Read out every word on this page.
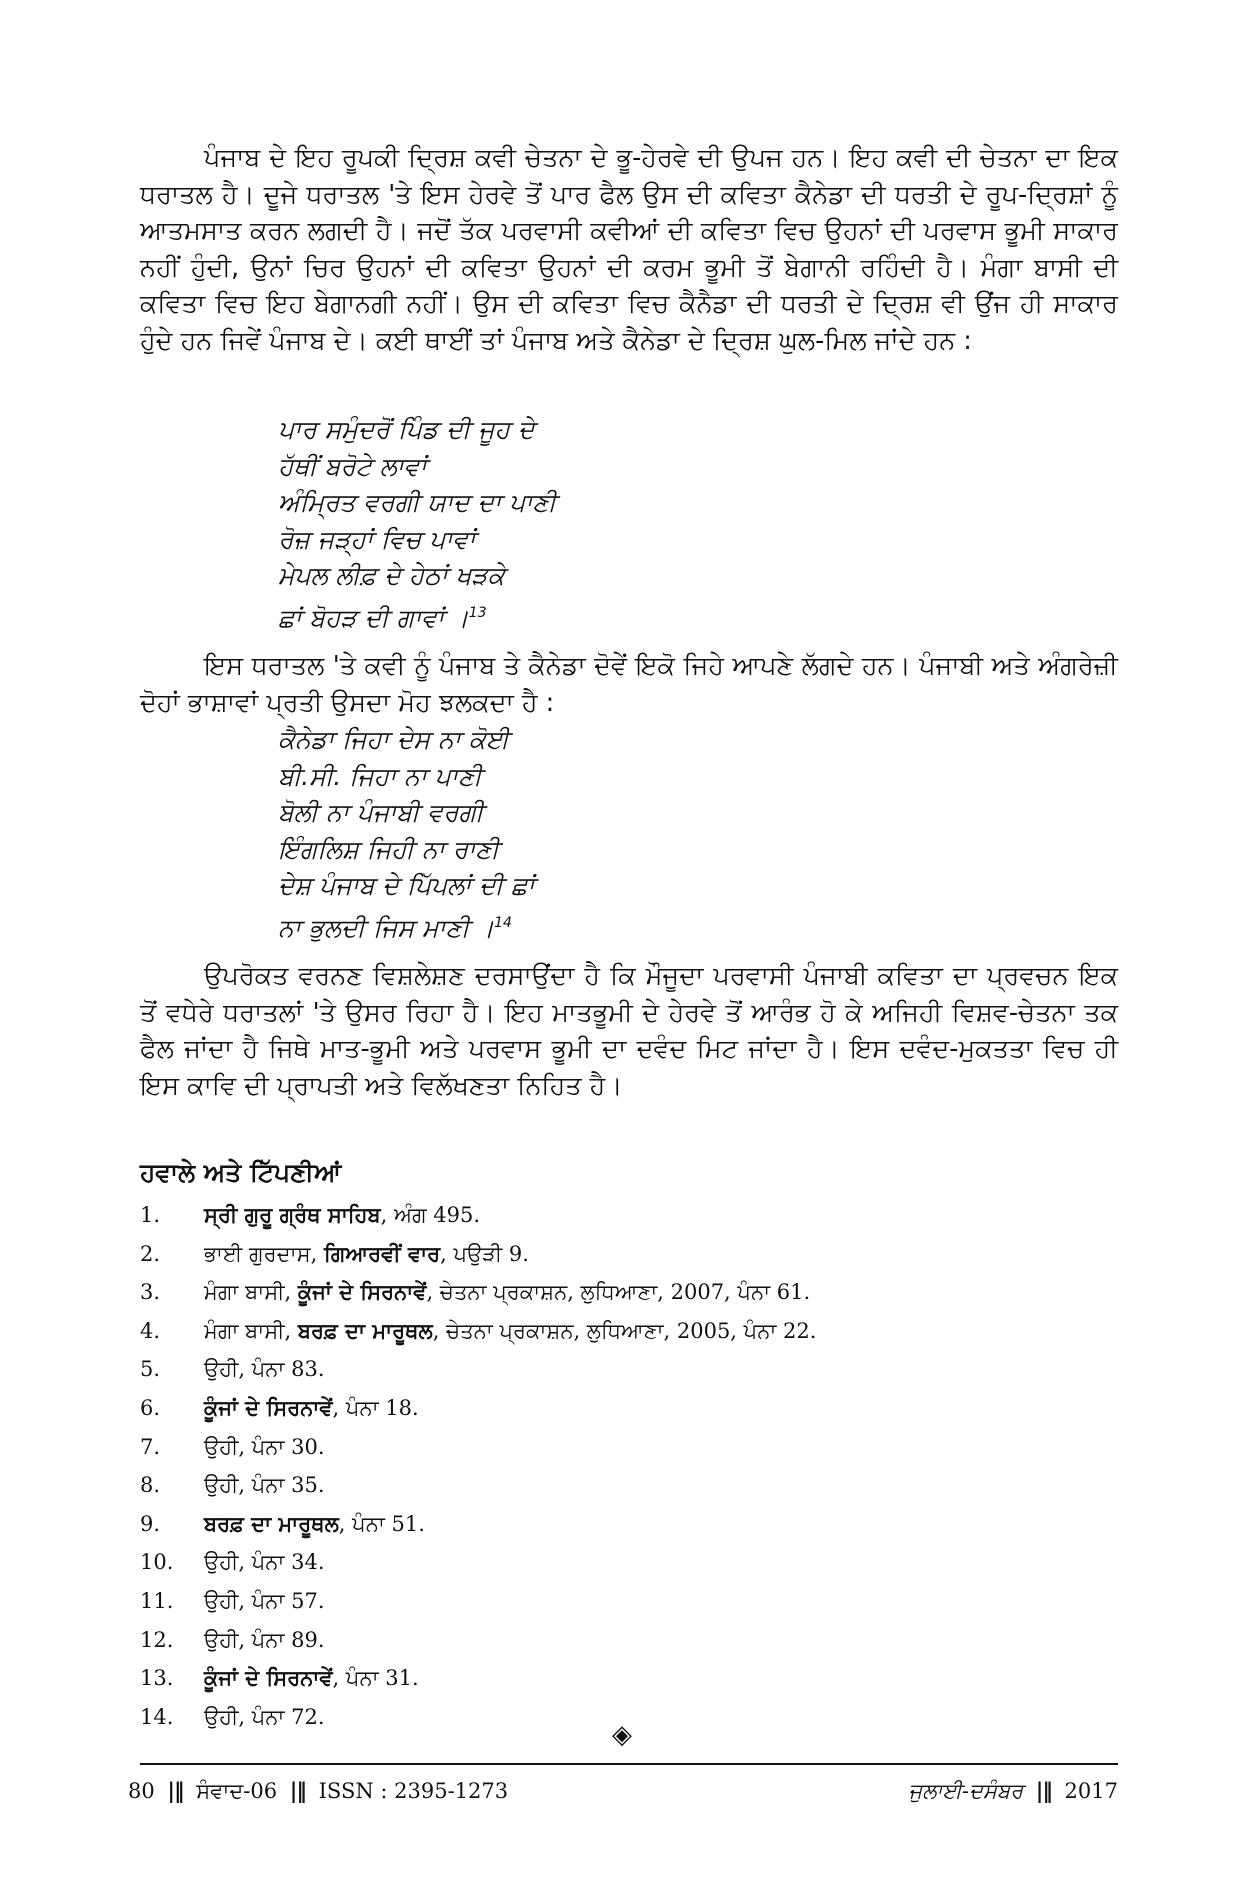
ਪੰਜਾਬ ਦੇ ਇਹ ਰੂਪਕੀ ਦ੍ਰਿਸ਼ ਕਵੀ ਚੇਤਨਾ ਦੇ ਭੂ-ਹੇਰਵੇ ਦੀ ਉਪਜ ਹਨ। ਇਹ ਕਵੀ ਦੀ ਚੇਤਨਾ ਦਾ ਇਕ ਧਰਾਤਲ ਹੈ। ਦੂਜੇ ਧਰਾਤਲ 'ਤੇ ਇਸ ਹੇਰਵੇ ਤੋਂ ਪਾਰ ਫੈਲ ਉਸ ਦੀ ਕਵਿਤਾ ਕੈਨੇਡਾ ਦੀ ਧਰਤੀ ਦੇ ਰੂਪ-ਦ੍ਰਿਸ਼ਾਂ ਨੂੰ ਆਤਮਸਾਤ ਕਰਨ ਲਗਦੀ ਹੈ। ਜਦੋਂ ਤੱਕ ਪਰਵਾਸੀ ਕਵੀਆਂ ਦੀ ਕਵਿਤਾ ਵਿਚ ਉਹਨਾਂ ਦੀ ਪਰਵਾਸ ਭੂਮੀ ਸਾਕਾਰ ਨਹੀਂ ਹੁੰਦੀ, ਉਨਾਂ ਚਿਰ ਉਹਨਾਂ ਦੀ ਕਵਿਤਾ ਉਹਨਾਂ ਦੀ ਕਰਮ ਭੂਮੀ ਤੋਂ ਬੇਗਾਨੀ ਰਹਿੰਦੀ ਹੈ। ਮੰਗਾ ਬਾਸੀ ਦੀ ਕਵਿਤਾ ਵਿਚ ਇਹ ਬੇਗਾਨਗੀ ਨਹੀਂ। ਉਸ ਦੀ ਕਵਿਤਾ ਵਿਚ ਕੈਨੈਡਾ ਦੀ ਧਰਤੀ ਦੇ ਦ੍ਰਿਸ਼ ਵੀ ਉਂਜ ਹੀ ਸਾਕਾਰ ਹੁੰਦੇ ਹਨ ਜਿਵੇਂ ਪੰਜਾਬ ਦੇ। ਕਈ ਥਾਈਂ ਤਾਂ ਪੰਜਾਬ ਅਤੇ ਕੈਨੇਡਾ ਦੇ ਦ੍ਰਿਸ਼ ਘੁਲ-ਮਿਲ ਜਾਂਦੇ ਹਨ :

ਪਾਰ ਸਮੁੰਦਰੋਂ ਪਿੰਡ ਦੀ ਜੂਹ ਦੇ
ਹੱਥੀਂ ਬਰੋਟੇ ਲਾਵਾਂ
ਅੰਮ੍ਰਿਤ ਵਰਗੀ ਯਾਦ ਦਾ ਪਾਣੀ
ਰੋਜ਼ ਜੜ੍ਹਾਂ ਵਿਚ ਪਾਵਾਂ
ਮੇਪਲ ਲੀਫ਼ ਦੇ ਹੇਠਾਂ ਖੜਕੇ
ਛਾਂ ਬੋਹੜ ਦੀ ਗਾਵਾਂ ।$^{13}$

ਇਸ ਧਰਾਤਲ 'ਤੇ ਕਵੀ ਨੂੰ ਪੰਜਾਬ ਤੇ ਕੈਨੇਡਾ ਦੋਵੇਂ ਇਕੋ ਜਿਹੇ ਆਪਣੇ ਲੱਗਦੇ ਹਨ। ਪੰਜਾਬੀ ਅਤੇ ਅੰਗਰੇਜ਼ੀ ਦੋਹਾਂ ਭਾਸ਼ਾਵਾਂ ਪ੍ਰਤੀ ਉਸਦਾ ਮੋਹ ਝਲਕਦਾ ਹੈ :

ਕੈਨੇਡਾ ਜਿਹਾ ਦੇਸ ਨਾ ਕੋਈ
ਬੀ.ਸੀ. ਜਿਹਾ ਨਾ ਪਾਣੀ
ਬੋਲੀ ਨਾ ਪੰਜਾਬੀ ਵਰਗੀ
ਇੰਗਲਿਸ਼ ਜਿਹੀ ਨਾ ਰਾਣੀ
ਦੇਸ਼ ਪੰਜਾਬ ਦੇ ਪਿੱਪਲਾਂ ਦੀ ਛਾਂ
ਨਾ ਭੁਲਦੀ ਜਿਸ ਮਾਣੀ ।$^{14}$

ਉਪਰੋਕਤ ਵਰਨਣ ਵਿਸ਼ਲੇਸ਼ਣ ਦਰਸਾਉਂਦਾ ਹੈ ਕਿ ਮੌਜੂਦਾ ਪਰਵਾਸੀ ਪੰਜਾਬੀ ਕਵਿਤਾ ਦਾ ਪ੍ਰਵਚਨ ਇਕ ਤੋਂ ਵਧੇਰੇ ਧਰਾਤਲਾਂ 'ਤੇ ਉਸਰ ਰਿਹਾ ਹੈ। ਇਹ ਮਾਤਭੂਮੀ ਦੇ ਹੇਰਵੇ ਤੋਂ ਆਰੰਭ ਹੋ ਕੇ ਅਜਿਹੀ ਵਿਸ਼ਵ-ਚੇਤਨਾ ਤਕ ਫੈਲ ਜਾਂਦਾ ਹੈ ਜਿਥੇ ਮਾਤ-ਭੂਮੀ ਅਤੇ ਪਰਵਾਸ ਭੂਮੀ ਦਾ ਦਵੰਦ ਮਿਟ ਜਾਂਦਾ ਹੈ। ਇਸ ਦਵੰਦ-ਮੁਕਤਤਾ ਵਿਚ ਹੀ ਇਸ ਕਾਵਿ ਦੀ ਪ੍ਰਾਪਤੀ ਅਤੇ ਵਿਲੱਖਣਤਾ ਨਿਹਿਤ ਹੈ।

ਹਵਾਲੇ ਅਤੇ ਟਿੱਪਣੀਆਂ
1. ਸ੍ਰੀ ਗੁਰੂ ਗ੍ਰੰਥ ਸਾਹਿਬ, ਅੰਗ 495.
2. ਭਾਈ ਗੁਰਦਾਸ, ਗਿਆਰਵੀਂ ਵਾਰ, ਪਉੜੀ 9.
3. ਮੰਗਾ ਬਾਸੀ, ਕੂੰਜਾਂ ਦੇ ਸਿਰਨਾਵੇਂ, ਚੇਤਨਾ ਪ੍ਰਕਾਸ਼ਨ, ਲੁਧਿਆਣਾ, 2007, ਪੰਨਾ 61.
4. ਮੰਗਾ ਬਾਸੀ, ਬਰਫ਼ ਦਾ ਮਾਰੂਥਲ, ਚੇਤਨਾ ਪ੍ਰਕਾਸ਼ਨ, ਲੁਧਿਆਣਾ, 2005, ਪੰਨਾ 22.
5. ਉਹੀ, ਪੰਨਾ 83.
6. ਕੂੰਜਾਂ ਦੇ ਸਿਰਨਾਵੇਂ, ਪੰਨਾ 18.
7. ਉਹੀ, ਪੰਨਾ 30.
8. ਉਹੀ, ਪੰਨਾ 35.
9. ਬਰਫ਼ ਦਾ ਮਾਰੂਥਲ, ਪੰਨਾ 51.
10. ਉਹੀ, ਪੰਨਾ 34.
11. ਉਹੀ, ਪੰਨਾ 57.
12. ਉਹੀ, ਪੰਨਾ 89.
13. ਕੂੰਜਾਂ ਦੇ ਸਿਰਨਾਵੇਂ, ਪੰਨਾ 31.
14. ਉਹੀ, ਪੰਨਾ 72.
◈
80 |‖ ਸੰਵਾਦ-06 |‖ ISSN : 2395-1273	ਜੁਲਾਈ-ਦਸੰਬਰ |‖ 2017
